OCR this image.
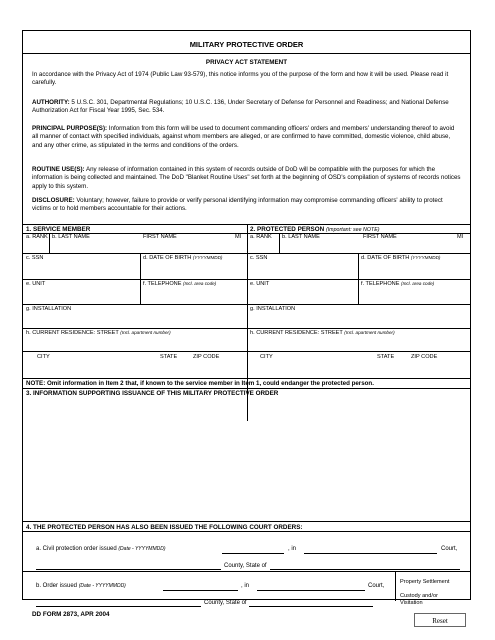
MILITARY PROTECTIVE ORDER
PRIVACY ACT STATEMENT
In accordance with the Privacy Act of 1974 (Public Law 93-579), this notice informs you of the purpose of the form and how it will be used. Please read it carefully.
AUTHORITY: 5 U.S.C. 301, Departmental Regulations; 10 U.S.C. 136, Under Secretary of Defense for Personnel and Readiness; and National Defense Authorization Act for Fiscal Year 1995, Sec. 534.
PRINCIPAL PURPOSE(S): Information from this form will be used to document commanding officers' orders and members' understanding thereof to avoid all manner of contact with specified individuals, against whom members are alleged, or are confirmed to have committed, domestic violence, child abuse, and any other crime, as stipulated in the terms and conditions of the orders.
ROUTINE USE(S): Any release of information contained in this system of records outside of DoD will be compatible with the purposes for which the information is being collected and maintained. The DoD "Blanket Routine Uses" set forth at the beginning of OSD's compilation of systems of records notices apply to this system.
DISCLOSURE: Voluntary; however, failure to provide or verify personal identifying information may compromise commanding officers' ability to protect victims or to hold members accountable for their actions.
1. SERVICE MEMBER	2. PROTECTED PERSON (Important: see NOTE)
a. RANK b. LAST NAME	FIRST NAME	MI a. RANK b. LAST NAME	FIRST NAME	MI
c. SSN	d. DATE OF BIRTH (YYYYMMDD)	c. SSN	d. DATE OF BIRTH (YYYYMMDD)
e. UNIT	f. TELEPHONE (Incl. area code)	e. UNIT	f. TELEPHONE (Incl. area code)
g. INSTALLATION	g. INSTALLATION
h. CURRENT RESIDENCE: STREET (Incl. apartment number)	h. CURRENT RESIDENCE: STREET (Incl. apartment number)
CITY	STATE	ZIP CODE	CITY	STATE	ZIP CODE
NOTE: Omit information in Item 2 that, if known to the service member in Item 1, could endanger the protected person.
3. INFORMATION SUPPORTING ISSUANCE OF THIS MILITARY PROTECTIVE ORDER
4. THE PROTECTED PERSON HAS ALSO BEEN ISSUED THE FOLLOWING COURT ORDERS:
a. Civil protection order issued (Date - YYYYMMDD)	, in	Court,
County, State of
b. Order issued (Date - YYYYMMDD)	, in	Court,
County, State of
Property Settlement
Custody and/or Visitation
DD FORM 2873, APR 2004
Reset
